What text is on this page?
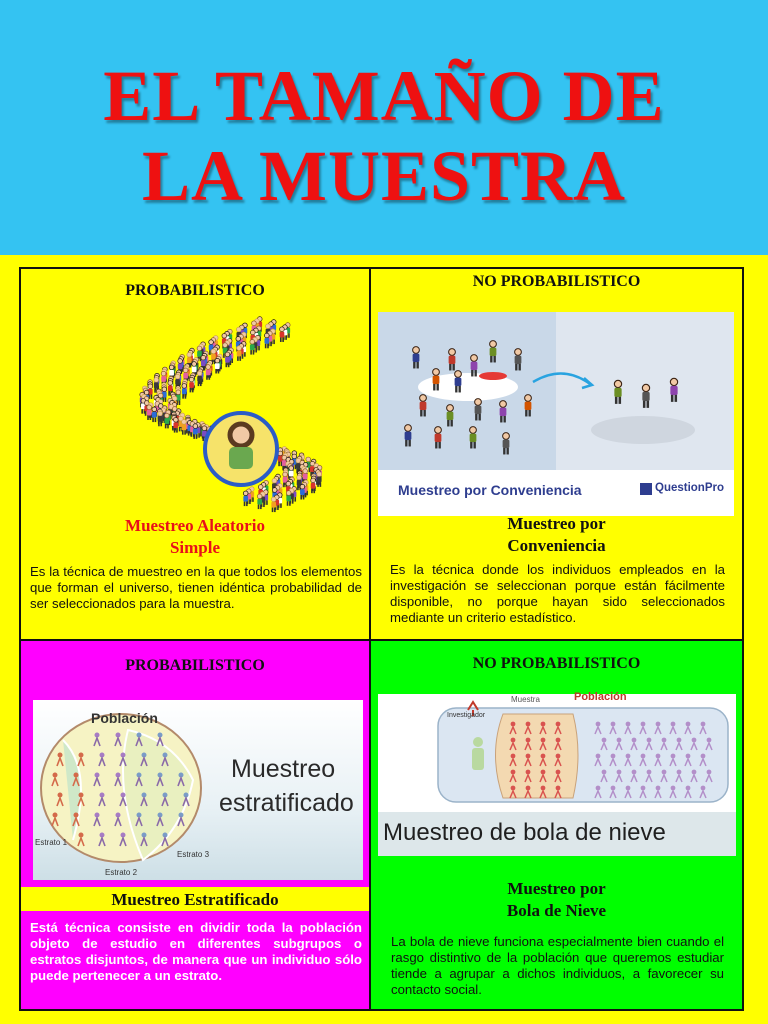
EL TAMAÑO DE
LA MUESTRA
PROBABILISTICO
Muestreo Aleatorio
Simple
Es la técnica de muestreo en la que todos los elementos que forman el universo, tienen idéntica probabilidad de ser seleccionados para la muestra.
NO PROBABILISTICO
Muestreo por Conveniencia	QuestionPro
Muestreo por
Conveniencia
Es la técnica donde los individuos empleados en la investigación se seleccionan porque están fácilmente disponible, no porque hayan sido seleccionados mediante un criterio estadístico.
PROBABILISTICO
Población
Estrato 1
Estrato 2
Estrato 3
Muestreo
estratificado
Muestreo Estratificado
Está técnica consiste en dividir toda la población objeto de estudio en diferentes subgrupos o estratos disjuntos, de manera que un individuo sólo puede pertenecer a un estrato.
NO PROBABILISTICO
Muestra	Población
Investigador
Muestreo de bola de nieve
Muestreo por
Bola de Nieve
La bola de nieve funciona especialmente bien cuando el rasgo distintivo de la población que queremos estudiar tiende a agrupar a dichos individuos, a favorecer su contacto social.
